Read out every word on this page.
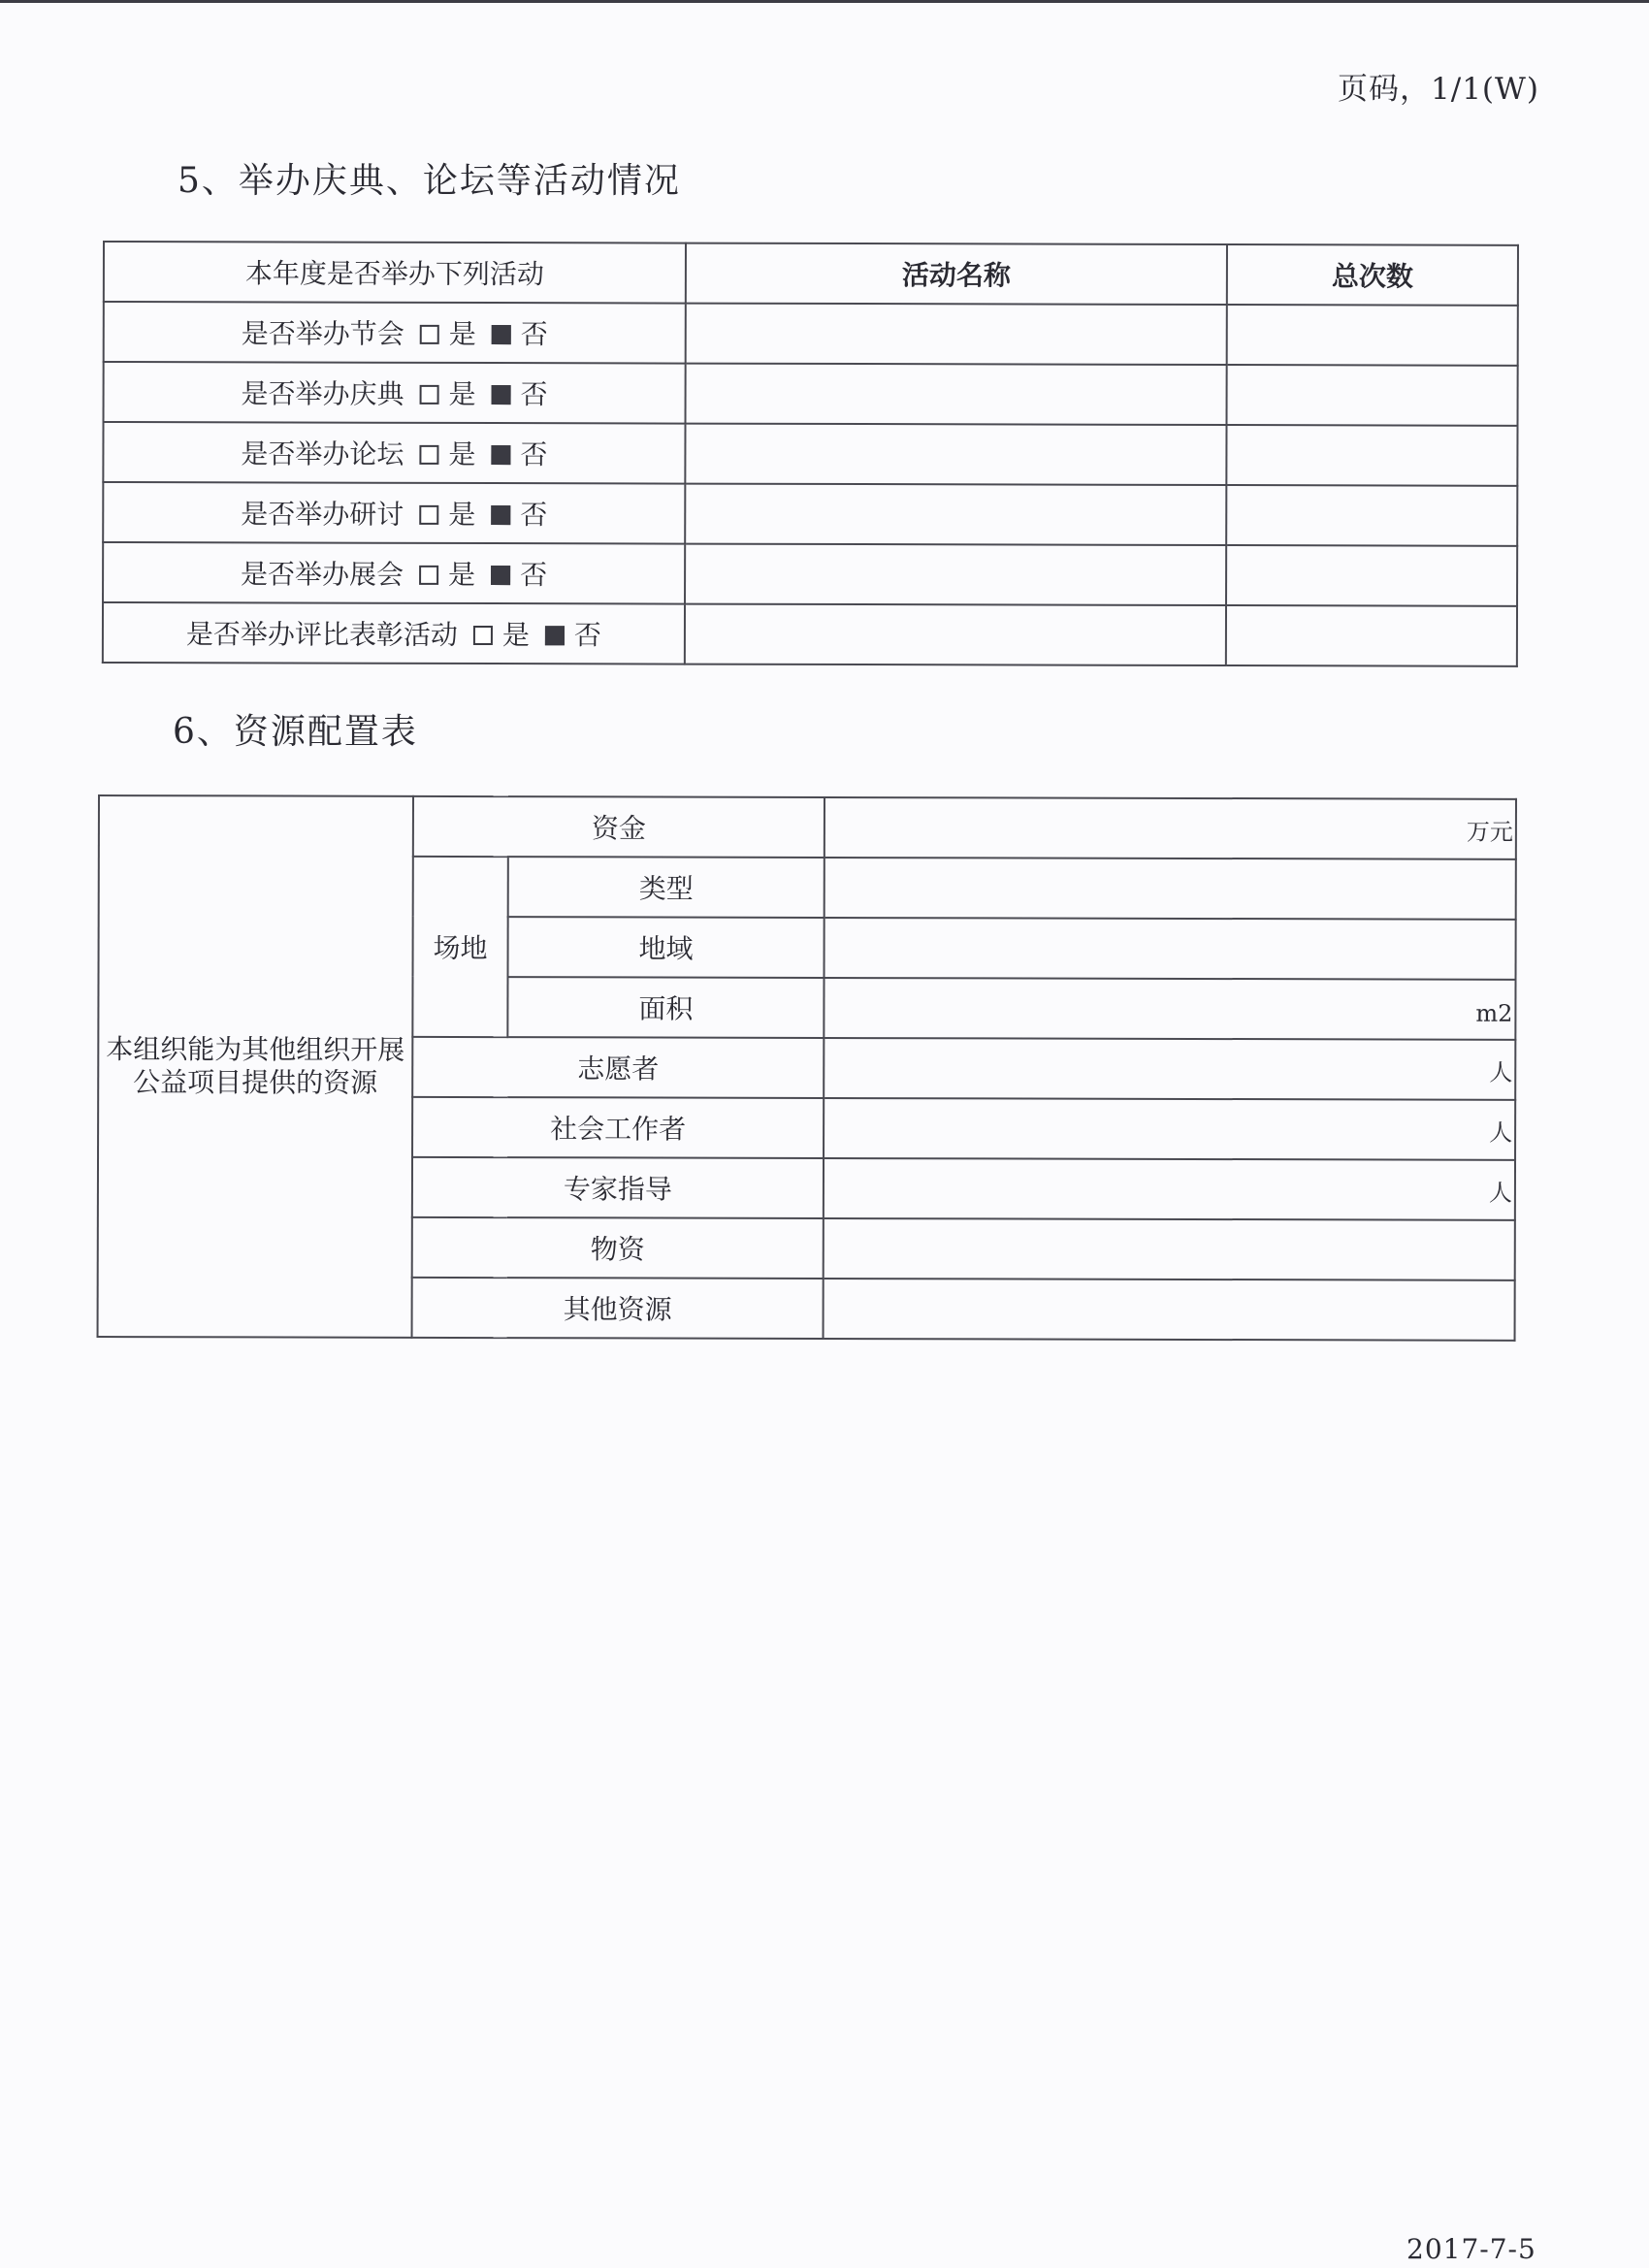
页码，1/1(W)
5、举办庆典、论坛等活动情况
本年度是否举办下列活动	活动名称	总次数
是否举办节会 是 否		
是否举办庆典 是 否		
是否举办论坛 是 否		
是否举办研讨 是 否		
是否举办展会 是 否		
是否举办评比表彰活动 是 否		
6、资源配置表
本组织能为其他组织开展公益项目提供的资源	资金		万元
	场地	类型	
		地域	
		面积	m2
	志愿者		人
	社会工作者		人
	专家指导		人
	物资		
	其他资源		
2017-7-5
